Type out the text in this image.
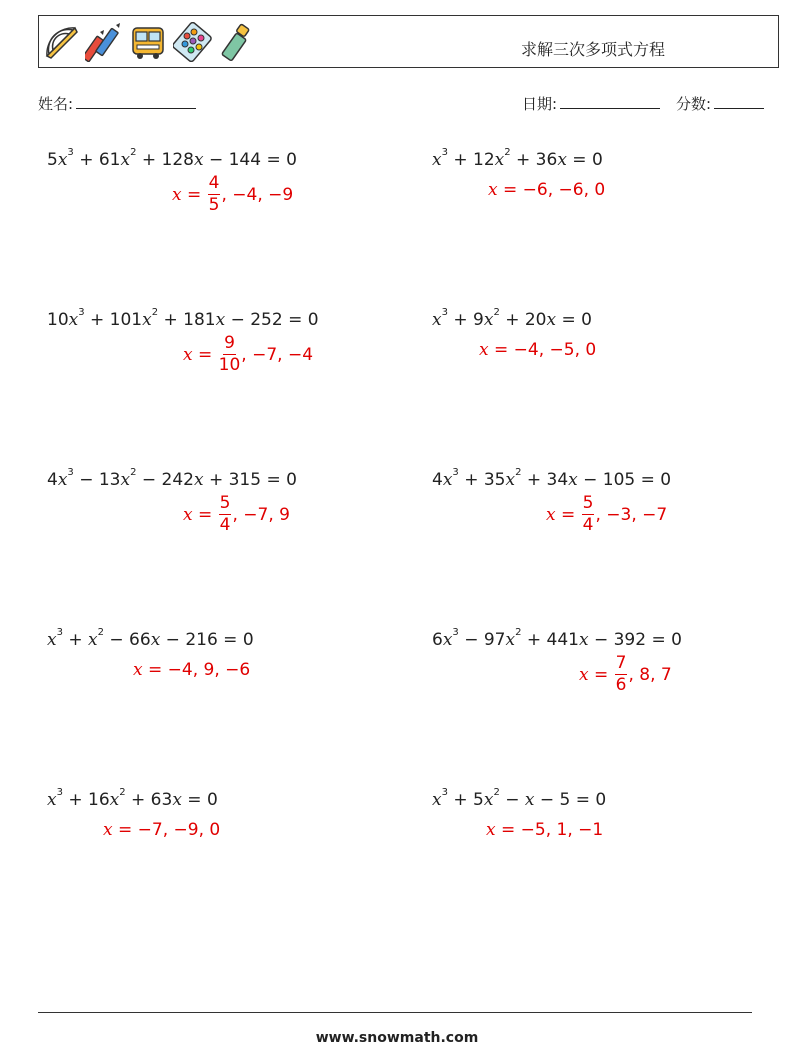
求解三次多项式方程
姓名:	日期:	分数:
$5x^3 + 61x^2 + 128x - 144 = 0$
$x = \frac{4}{5}$ , −4, −9
$x^3 + 12x^2 + 36x = 0$
x = −6, −6, 0
$10x^3 + 101x^2 + 181x - 252 = 0$
$x = \frac{9}{10}$ , −7, −4
$x^3 + 9x^2 + 20x = 0$
x = −4, −5, 0
$4x^3 - 13x^2 - 242x + 315 = 0$
$x = \frac{5}{4}$ , −7, 9
$4x^3 + 35x^2 + 34x - 105 = 0$
$x = \frac{5}{4}$ , −3, −7
$x^3 + x^2 - 66x - 216 = 0$
x = −4, 9, −6
$6x^3 - 97x^2 + 441x - 392 = 0$
$x = \frac{7}{6}$ , 8, 7
$x^3 + 16x^2 + 63x = 0$
x = −7, −9, 0
$x^3 + 5x^2 - x - 5 = 0$
x = −5, 1, −1
www.snowmath.com
